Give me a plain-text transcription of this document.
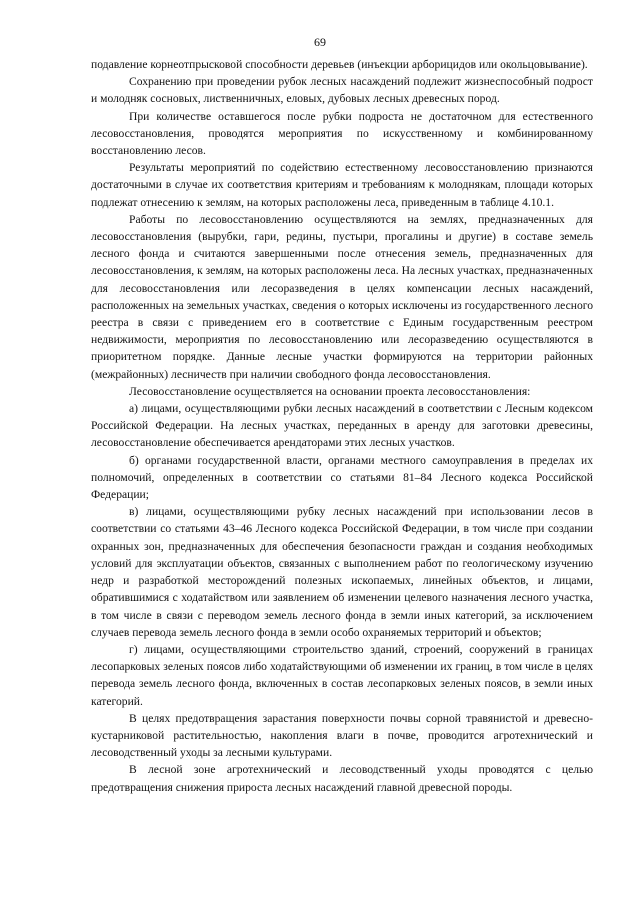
69

подавление корнеотпрысковой способности деревьев (инъекции арборицидов или окольцовывание).

Сохранению при проведении рубок лесных насаждений подлежит жизнеспособный подрост и молодняк сосновых, лиственничных, еловых, дубовых лесных древесных пород.

При количестве оставшегося после рубки подроста не достаточном для естественного лесовосстановления, проводятся мероприятия по искусственному и комбинированному восстановлению лесов.

Результаты мероприятий по содействию естественному лесовосстановлению признаются достаточными в случае их соответствия критериям и требованиям к молоднякам, площади которых подлежат отнесению к землям, на которых расположены леса, приведенным в таблице 4.10.1.

Работы по лесовосстановлению осуществляются на землях, предназначенных для лесовосстановления (вырубки, гари, редины, пустыри, прогалины и другие) в составе земель лесного фонда и считаются завершенными после отнесения земель, предназначенных для лесовосстановления, к землям, на которых расположены леса. На лесных участках, предназначенных для лесовосстановления или лесоразведения в целях компенсации лесных насаждений, расположенных на земельных участках, сведения о которых исключены из государственного лесного реестра в связи с приведением его в соответствие с Единым государственным реестром недвижимости, мероприятия по лесовосстановлению или лесоразведению осуществляются в приоритетном порядке. Данные лесные участки формируются на территории районных (межрайонных) лесничеств при наличии свободного фонда лесовосстановления.

Лесовосстановление осуществляется на основании проекта лесовосстановления:

а) лицами, осуществляющими рубки лесных насаждений в соответствии с Лесным кодексом Российской Федерации. На лесных участках, переданных в аренду для заготовки древесины, лесовосстановление обеспечивается арендаторами этих лесных участков.

б) органами государственной власти, органами местного самоуправления в пределах их полномочий, определенных в соответствии со статьями 81–84 Лесного кодекса Российской Федерации;

в) лицами, осуществляющими рубку лесных насаждений при использовании лесов в соответствии со статьями 43–46 Лесного кодекса Российской Федерации, в том числе при создании охранных зон, предназначенных для обеспечения безопасности граждан и создания необходимых условий для эксплуатации объектов, связанных с выполнением работ по геологическому изучению недр и разработкой месторождений полезных ископаемых, линейных объектов, и лицами, обратившимися с ходатайством или заявлением об изменении целевого назначения лесного участка, в том числе в связи с переводом земель лесного фонда в земли иных категорий, за исключением случаев перевода земель лесного фонда в земли особо охраняемых территорий и объектов;

г) лицами, осуществляющими строительство зданий, строений, сооружений в границах лесопарковых зеленых поясов либо ходатайствующими об изменении их границ, в том числе в целях перевода земель лесного фонда, включенных в состав лесопарковых зеленых поясов, в земли иных категорий.

В целях предотвращения зарастания поверхности почвы сорной травянистой и древесно-кустарниковой растительностью, накопления влаги в почве, проводится агротехнический и лесоводственный уходы за лесными культурами.

В лесной зоне агротехнический и лесоводственный уходы проводятся с целью предотвращения снижения прироста лесных насаждений главной древесной породы.
